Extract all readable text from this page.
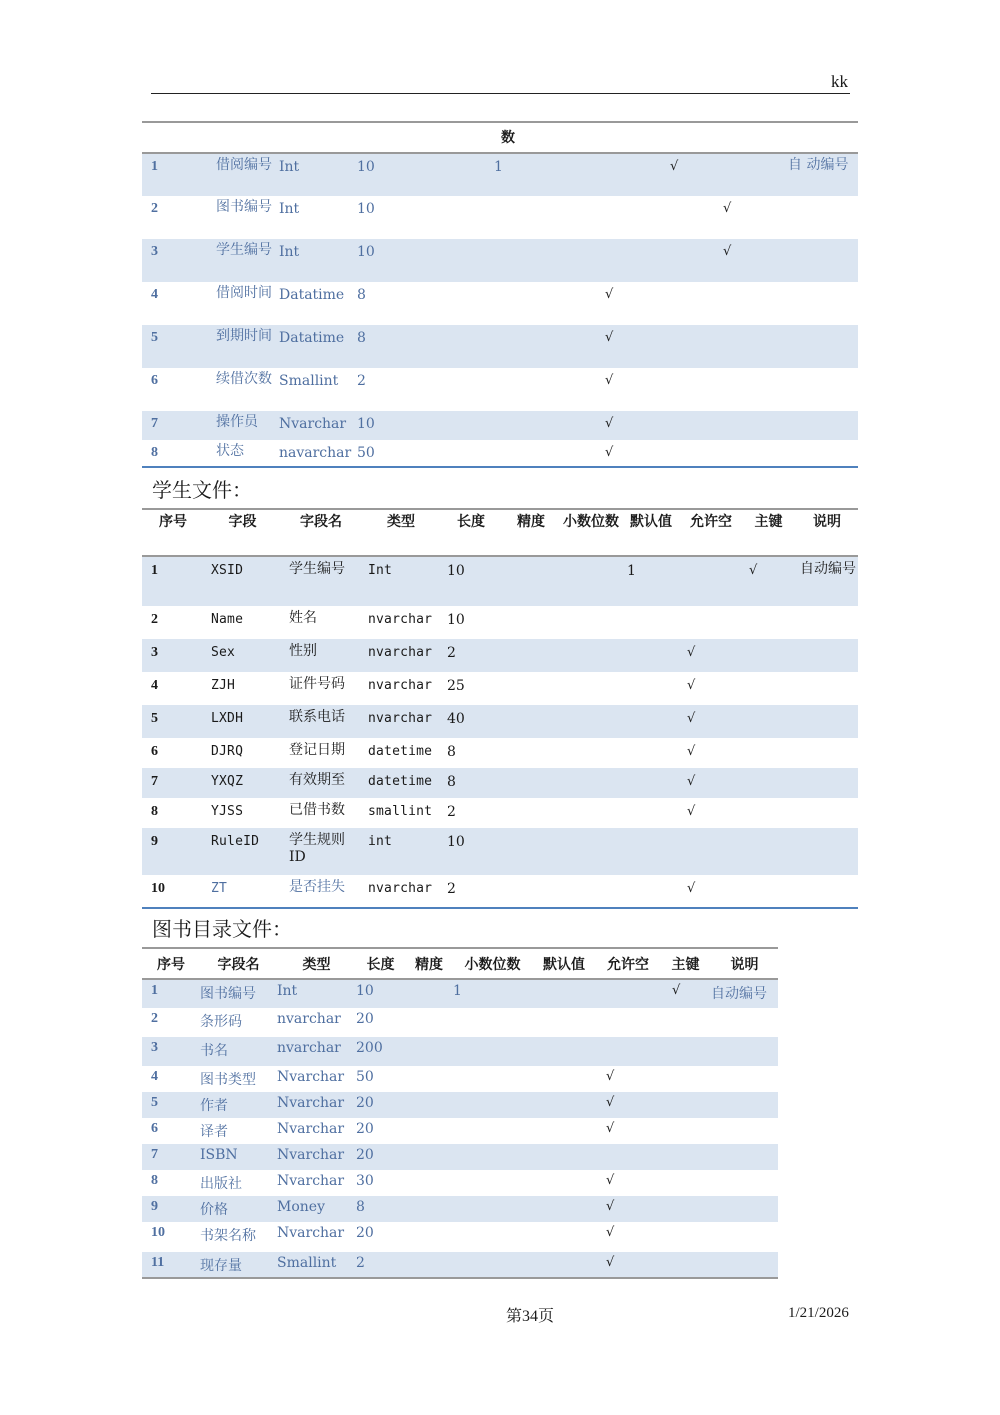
kk
数										
1	借阅编号	Int	10		1			√		自 动编号
2	图书编号	Int	10						√	
3	学生编号	Int	10						√	
4	借阅时间	Datatime	8				√			
5	到期时间	Datatime	8				√			
6	续借次数	Smallint	2				√			
7	操作员	Nvarchar	10				√			
8	状态	navarchar	50				√			
学生文件：
序号	字段	字段名	类型	长度	精度	小数位数	默认值	允许空	主键	说明
1	XSID	学生编号	Int	10			1		√	自动编号
2	Name	姓名	nvarchar	10						
3	Sex	性别	nvarchar	2				√		
4	ZJH	证件号码	nvarchar	25				√		
5	LXDH	联系电话	nvarchar	40				√		
6	DJRQ	登记日期	datetime	8				√		
7	YXQZ	有效期至	datetime	8				√		
8	YJSS	已借书数	smallint	2				√		
9	RuleID	学生规则ID	int	10						
10	ZT	是否挂失	nvarchar	2				√		
图书目录文件：
序号	字段名	类型	长度	精度	小数位数	默认值	允许空	主键	说明
1	图书编号	Int	10		1			√	自动编号
2	条形码	nvarchar	20						
3	书名	nvarchar	200						
4	图书类型	Nvarchar	50				√		
5	作者	Nvarchar	20				√		
6	译者	Nvarchar	20				√		
7	ISBN	Nvarchar	20						
8	出版社	Nvarchar	30				√		
9	价格	Money	8				√		
10	书架名称	Nvarchar	20				√		
11	现存量	Smallint	2				√		
第34页	1/21/2026
